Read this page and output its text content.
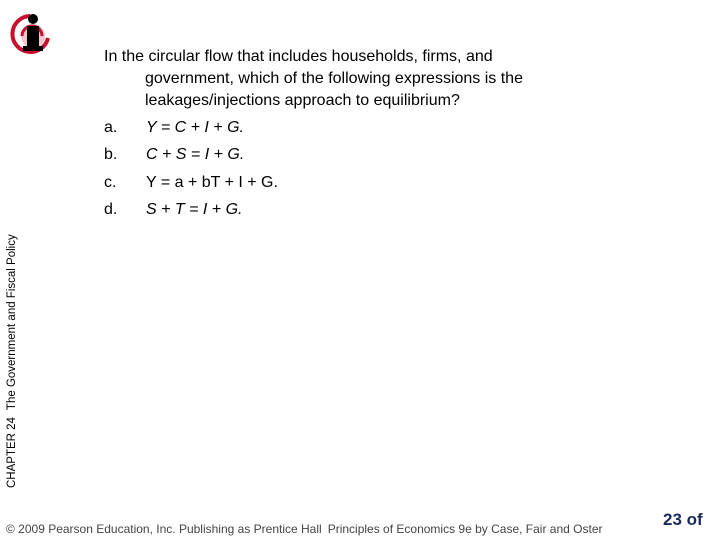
CHAPTER 24 The Government and Fiscal Policy
In the circular flow that includes households, firms, and
government, which of the following expressions is the
leakages/injections approach to equilibrium?
a.	Y = C + I + G.
b.	C + S = I + G.
c.	Y = a + bT + I + G.
d.	S + T = I + G.
© 2009 Pearson Education, Inc. Publishing as Prentice Hall Principles of Economics 9e by Case, Fair and Oster	23 of
